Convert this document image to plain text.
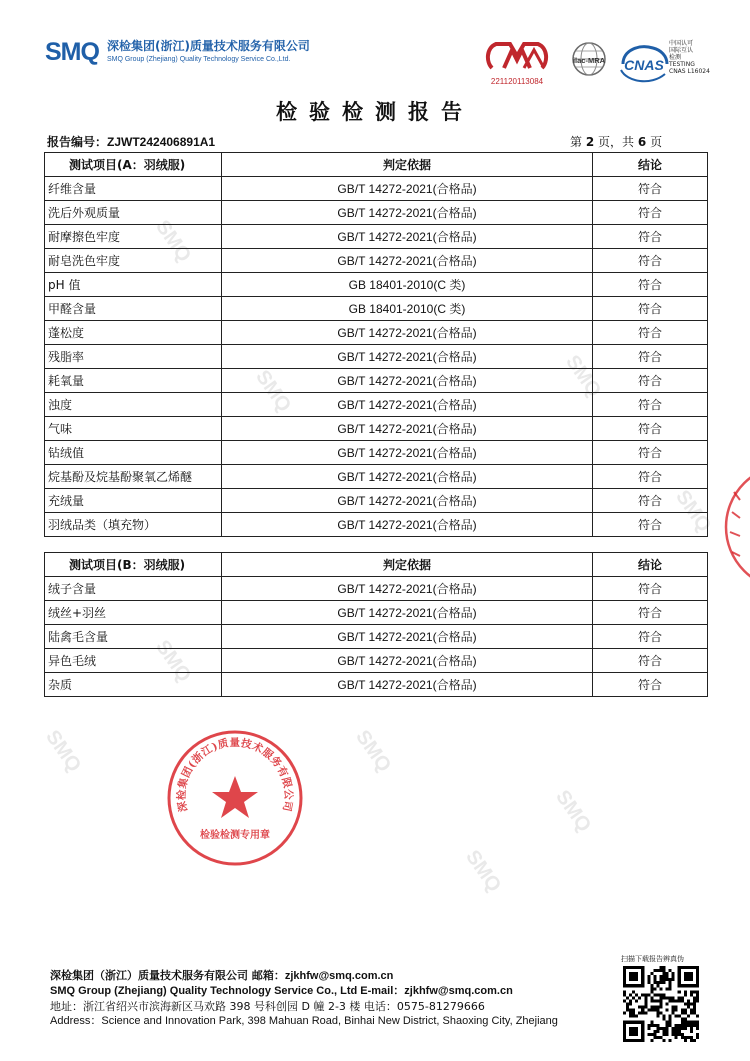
SMQ
SMQ	SMQ
SMQ
SMQ
SMQ
SMQ
SMQ
SMQ
SMQ 深检集团(浙江)质量技术服务有限公司
SMQ Group (Zhejiang) Quality Technology Service Co.,Ltd.
221120113084
ilac-MRA CNAS
中国认可
国际互认
检测
TESTING
CNAS L16024
检验检测报告
报告编号：ZJWT242406891A1	第 2 页，共 6 页
测试项目(A：羽绒服)	判定依据	结论
纤维含量	GB/T 14272-2021(合格品)	符合
洗后外观质量	GB/T 14272-2021(合格品)	符合
耐摩擦色牢度	GB/T 14272-2021(合格品)	符合
耐皂洗色牢度	GB/T 14272-2021(合格品)	符合
pH 值	GB 18401-2010(C 类)	符合
甲醛含量	GB 18401-2010(C 类)	符合
蓬松度	GB/T 14272-2021(合格品)	符合
残脂率	GB/T 14272-2021(合格品)	符合
耗氧量	GB/T 14272-2021(合格品)	符合
浊度	GB/T 14272-2021(合格品)	符合
气味	GB/T 14272-2021(合格品)	符合
钻绒值	GB/T 14272-2021(合格品)	符合
烷基酚及烷基酚聚氧乙烯醚	GB/T 14272-2021(合格品)	符合
充绒量	GB/T 14272-2021(合格品)	符合
羽绒品类（填充物）	GB/T 14272-2021(合格品)	符合
测试项目(B：羽绒服)	判定依据	结论
绒子含量	GB/T 14272-2021(合格品)	符合
绒丝+羽丝	GB/T 14272-2021(合格品)	符合
陆禽毛含量	GB/T 14272-2021(合格品)	符合
异色毛绒	GB/T 14272-2021(合格品)	符合
杂质	GB/T 14272-2021(合格品)	符合
深检集团(浙江)质量技术服务有限公司
检验检测专用章
深检集团（浙江）质量技术服务有限公司 邮箱：zjkhfw@smq.com.cn
SMQ Group (Zhejiang) Quality Technology Service Co., Ltd E-mail：zjkhfw@smq.com.cn
地址：浙江省绍兴市滨海新区马欢路 398 号科创园 D 幢 2-3 楼 电话：0575-81279666
Address：Science and Innovation Park, 398 Mahuan Road, Binhai New District, Shaoxing City, Zhejiang
扫描下载报告辨真伪
